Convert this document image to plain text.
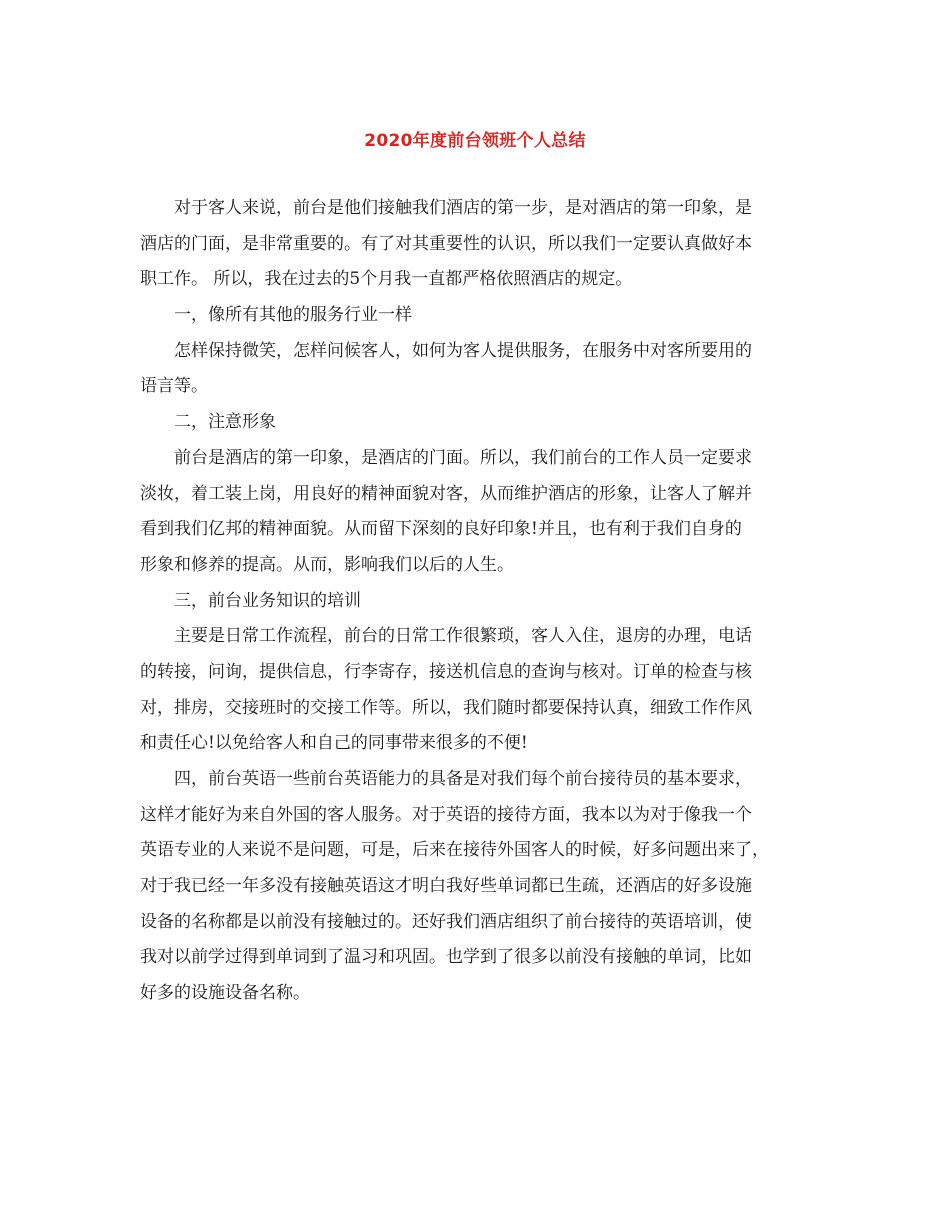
2020年度前台领班个人总结
对于客人来说，前台是他们接触我们酒店的第一步，是对酒店的第一印象，是
酒店的门面，是非常重要的。有了对其重要性的认识，所以我们一定要认真做好本
职工作。 所以，我在过去的5个月我一直都严格依照酒店的规定。
一，像所有其他的服务行业一样
怎样保持微笑，怎样问候客人，如何为客人提供服务，在服务中对客所要用的
语言等。
二，注意形象
前台是酒店的第一印象，是酒店的门面。所以，我们前台的工作人员一定要求
淡妆，着工装上岗，用良好的精神面貌对客，从而维护酒店的形象，让客人了解并
看到我们亿邦的精神面貌。从而留下深刻的良好印象!并且，也有利于我们自身的
形象和修养的提高。从而，影响我们以后的人生。
三，前台业务知识的培训
主要是日常工作流程，前台的日常工作很繁琐，客人入住，退房的办理，电话
的转接，问询，提供信息，行李寄存，接送机信息的查询与核对。订单的检查与核
对，排房，交接班时的交接工作等。所以，我们随时都要保持认真，细致工作作风
和责任心!以免给客人和自己的同事带来很多的不便!
四，前台英语一些前台英语能力的具备是对我们每个前台接待员的基本要求，
这样才能好为来自外国的客人服务。对于英语的接待方面，我本以为对于像我一个
英语专业的人来说不是问题，可是，后来在接待外国客人的时候，好多问题出来了，
对于我已经一年多没有接触英语这才明白我好些单词都已生疏，还酒店的好多设施
设备的名称都是以前没有接触过的。还好我们酒店组织了前台接待的英语培训，使
我对以前学过得到单词到了温习和巩固。也学到了很多以前没有接触的单词，比如
好多的设施设备名称。
